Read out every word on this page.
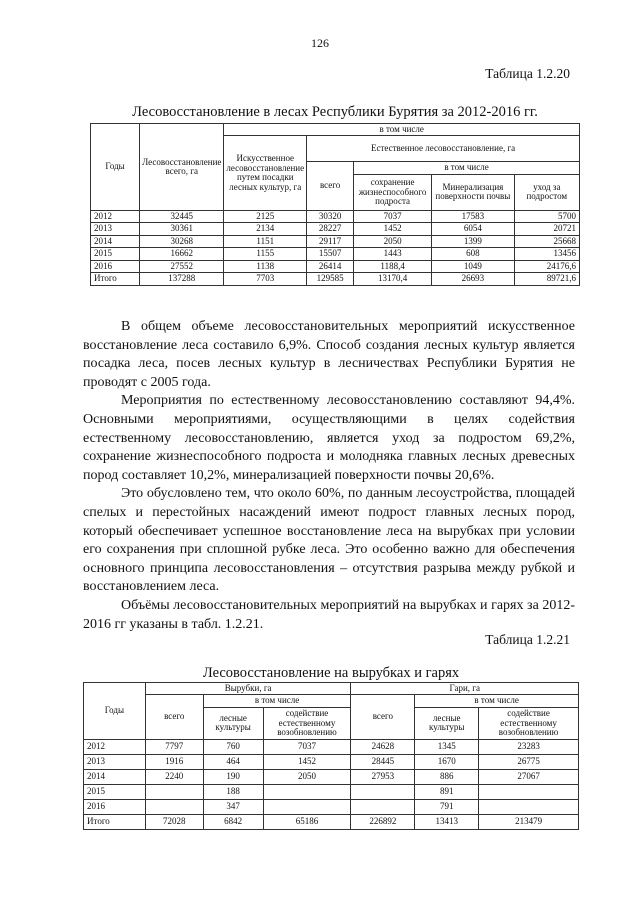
126
Таблица 1.2.20
Лесовосстановление в лесах Республики Бурятия за 2012-2016 гг.
Годы	Лесовосстановление всего, га	в том числе				
		Искусственное лесовосстановление путем посадки лесных культур, га	Естественное лесовосстановление, га			
			всего	в том числе		
				сохранение жизнеспособного подроста	Минерализация поверхности почвы	уход за подростом
2012	32445	2125	30320	7037	17583	5700
2013	30361	2134	28227	1452	6054	20721
2014	30268	1151	29117	2050	1399	25668
2015	16662	1155	15507	1443	608	13456
2016	27552	1138	26414	1188,4	1049	24176,6
Итого	137288	7703	129585	13170,4	26693	89721,6

В общем объеме лесовосстановительных мероприятий искусственное восстановление леса составило 6,9%. Способ создания лесных культур является посадка леса, посев лесных культур в лесничествах Республики Бурятия не проводят с 2005 года.

Мероприятия по естественному лесовосстановлению составляют 94,4%. Основными мероприятиями, осуществляющими в целях содействия естественному лесовосстановлению, является уход за подростом 69,2%, сохранение жизнеспособного подроста и молодняка главных лесных древесных пород составляет 10,2%, минерализацией поверхности почвы 20,6%.

Это обусловлено тем, что около 60%, по данным лесоустройства, площадей спелых и перестойных насаждений имеют подрост главных лесных пород, который обеспечивает успешное восстановление леса на вырубках при условии его сохранения при сплошной рубке леса. Это особенно важно для обеспечения основного принципа лесовосстановления – отсутствия разрыва между рубкой и восстановлением леса.

Объёмы лесовосстановительных мероприятий на вырубках и гарях за 2012-2016 гг указаны в табл. 1.2.21.

Таблица 1.2.21
Лесовосстановление на вырубках и гарях
Годы	Вырубки, га			Гари, га		
	всего	в том числе		всего	в том числе	
		лесные культуры	содействие естественному возобновлению		лесные культуры	содействие естественному возобновлению
2012	7797	760	7037	24628	1345	23283
2013	1916	464	1452	28445	1670	26775
2014	2240	190	2050	27953	886	27067
2015		188			891	
2016		347			791	
Итого	72028	6842	65186	226892	13413	213479
